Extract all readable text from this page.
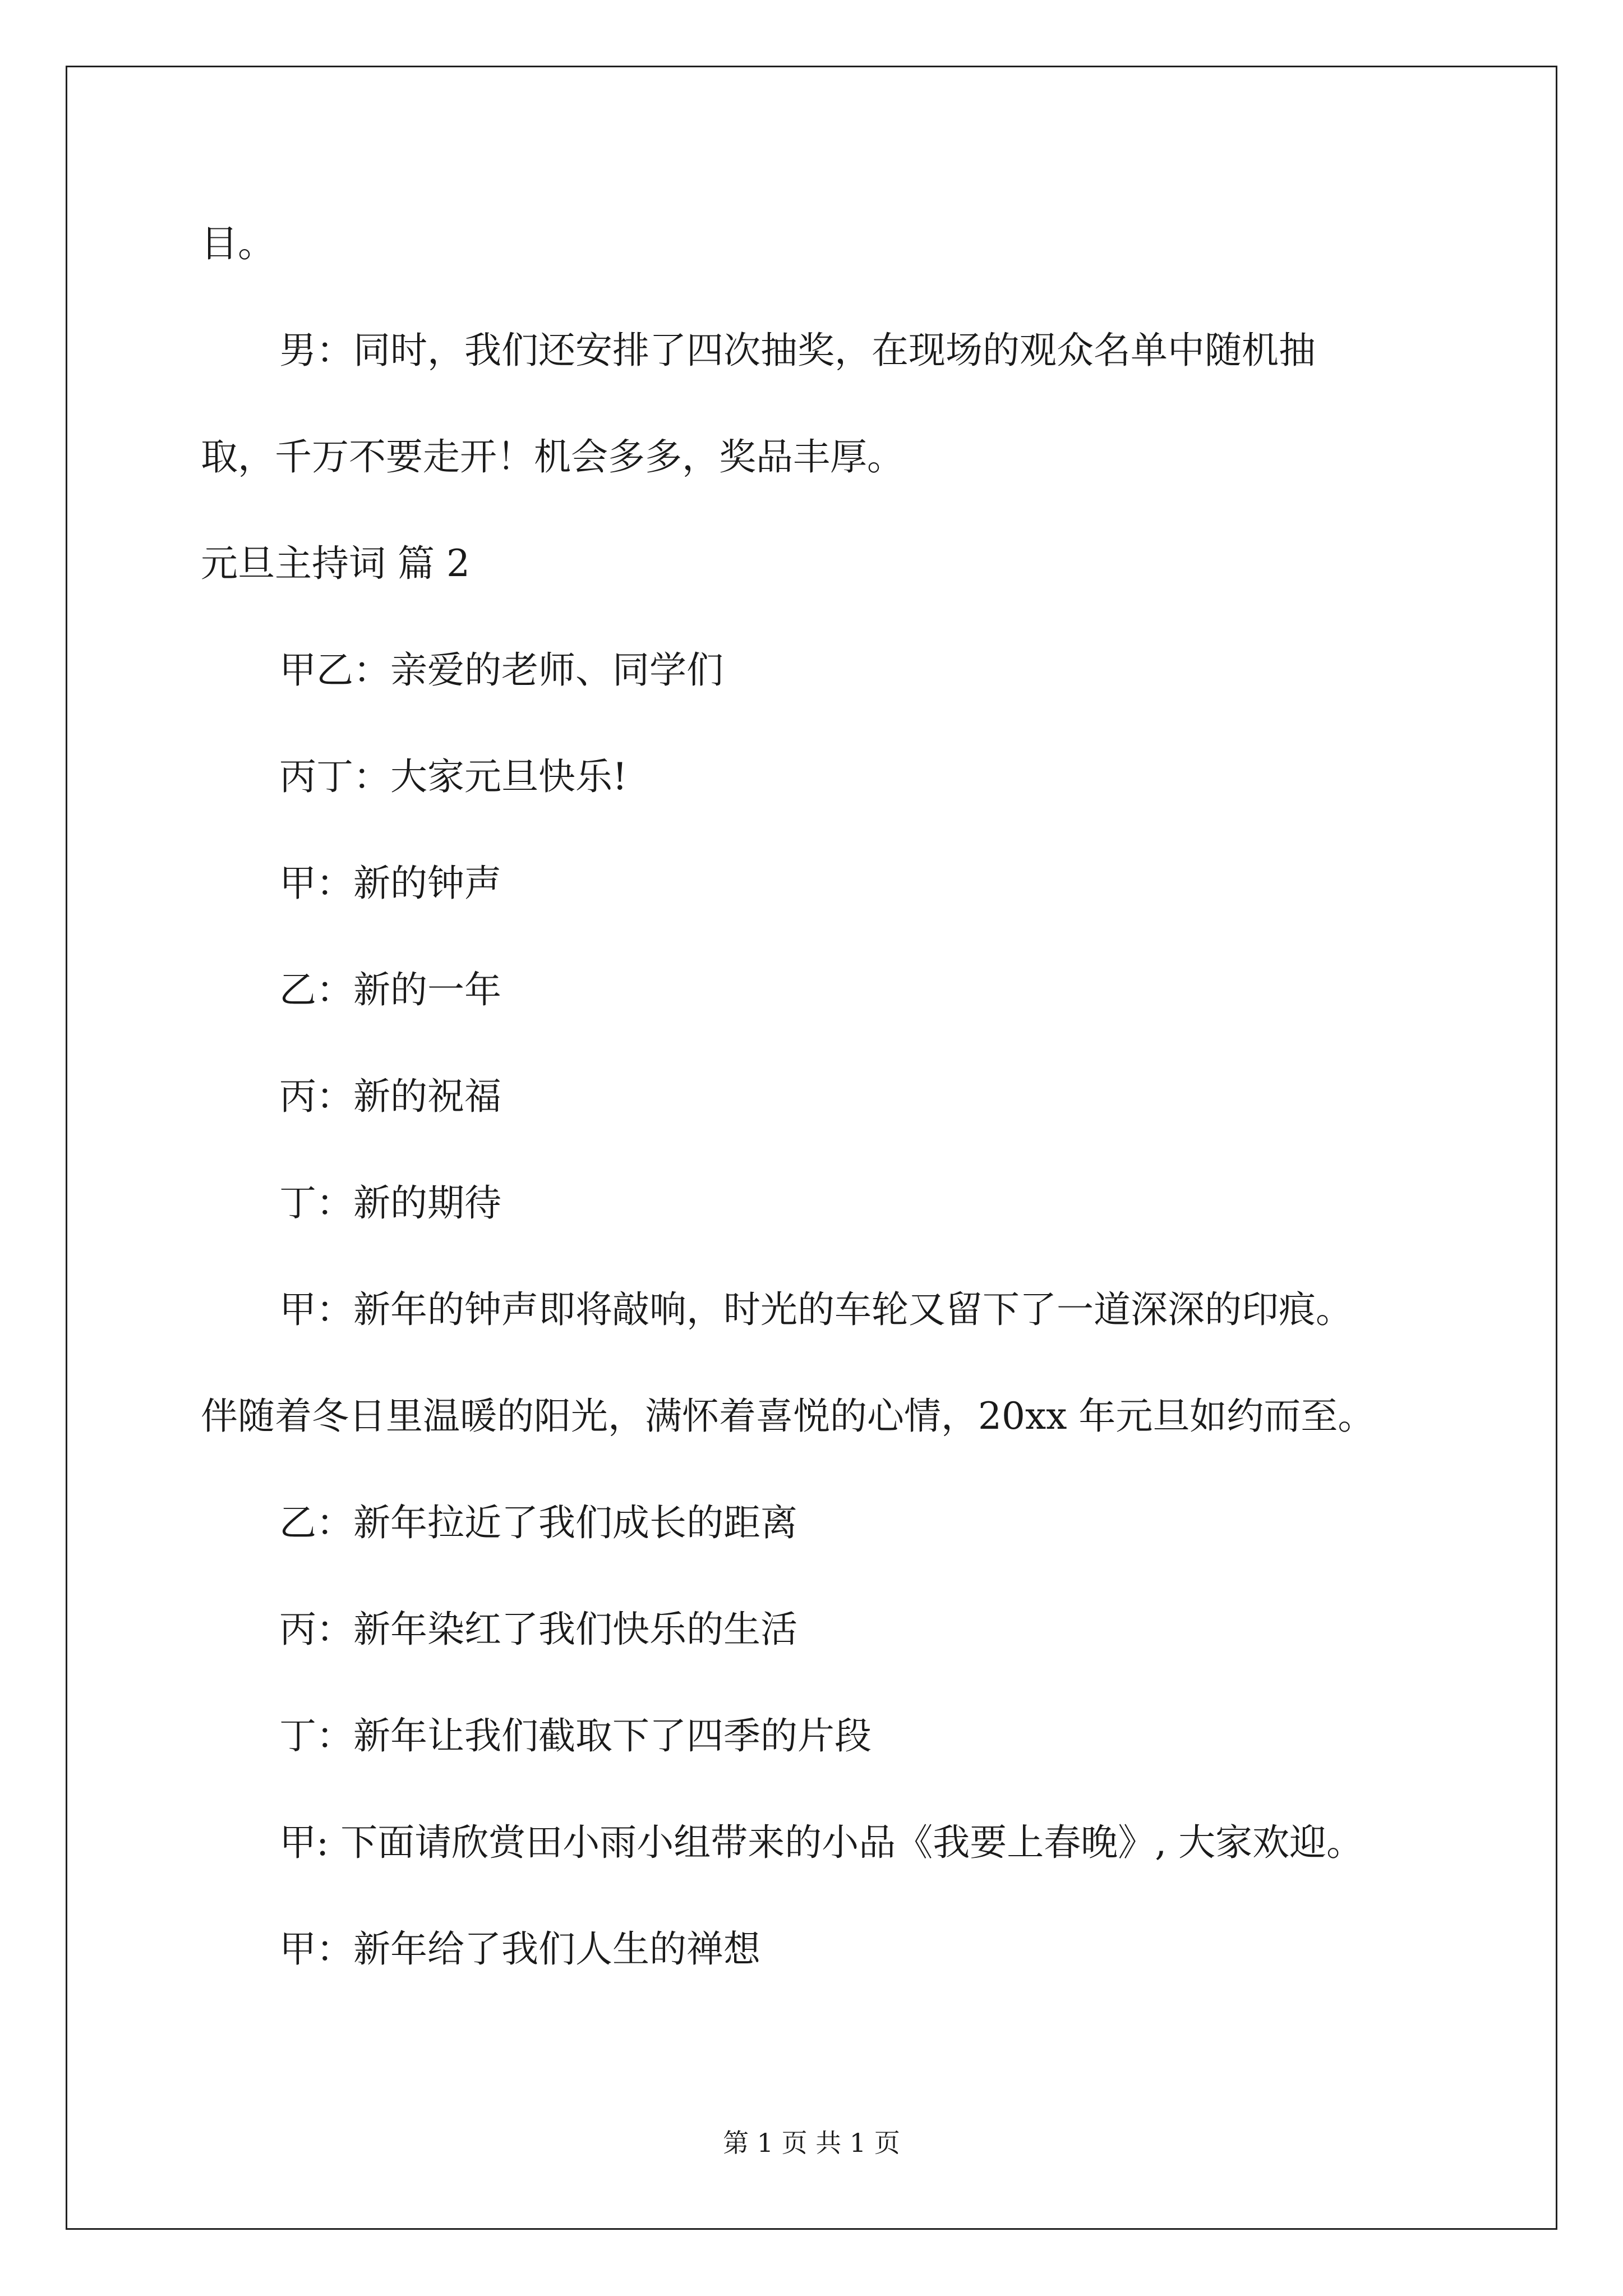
目。

男：同时，我们还安排了四次抽奖，在现场的观众名单中随机抽

取，千万不要走开！机会多多，奖品丰厚。

元旦主持词 篇 2

甲乙：亲爱的老师、同学们

丙丁：大家元旦快乐!

甲：新的钟声

乙：新的一年

丙：新的祝福

丁：新的期待

甲：新年的钟声即将敲响，时光的车轮又留下了一道深深的印痕。

伴随着冬日里温暖的阳光，满怀着喜悦的心情，20xx 年元旦如约而至。

乙：新年拉近了我们成长的距离

丙：新年染红了我们快乐的生活

丁：新年让我们截取下了四季的片段

甲: 下面请欣赏田小雨小组带来的小品《我要上春晚》, 大家欢迎。

甲：新年给了我们人生的禅想

第 1 页 共 1 页
